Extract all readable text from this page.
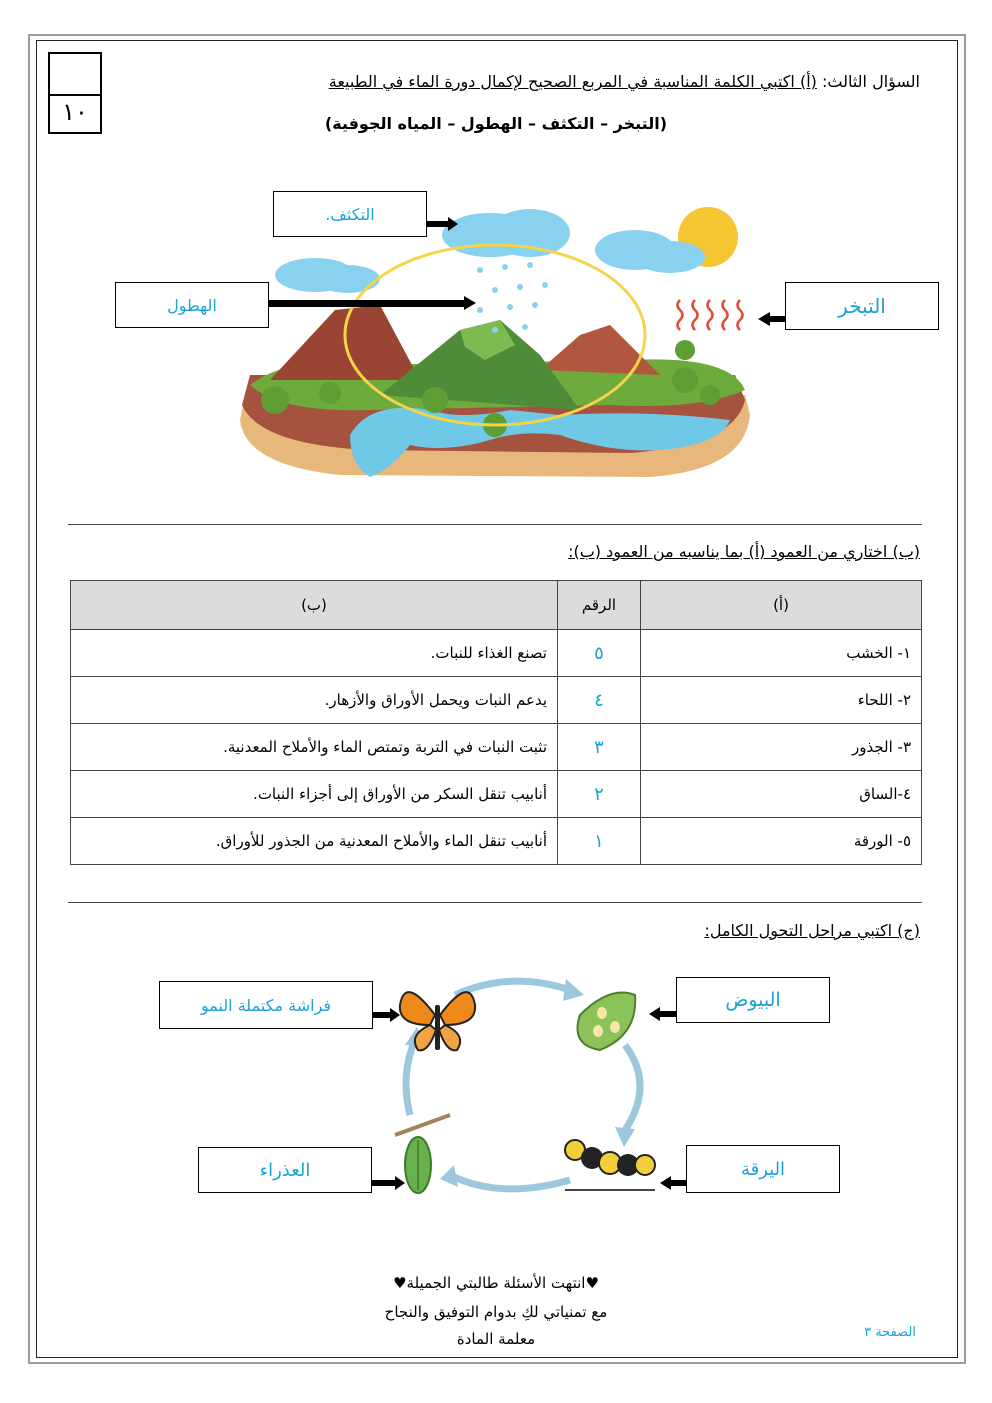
١٠
السؤال الثالث: (أ) اكتبي الكلمة المناسبة في المربع الصحيح لإكمال دورة الماء في الطبيعة
(التبخر – التكثف – الهطول – المياه الجوفية)
التكثف.
الهطول	التبخر
(ب) اختاري من العمود (أ) بما يناسبه من العمود (ب):
(أ)	الرقم	(ب)
١- الخشب	٥	تصنع الغذاء للنبات.
٢- اللحاء	٤	يدعم النبات ويحمل الأوراق والأزهار.
٣- الجذور	٣	تثبت النبات في التربة وتمتص الماء والأملاح المعدنية.
٤-الساق	٢	أنابيب تنقل السكر من الأوراق إلى أجزاء النبات.
٥- الورقة	١	أنابيب تنقل الماء والأملاح المعدنية من الجذور للأوراق.
(ج) اكتبي مراحل التحول الكامل:
فراشة مكتملة النمو	البيوض
العذراء	اليرقة
♥انتهت الأسئلة طالبتي الجميلة♥
مع تمنياتي لكِ بدوام التوفيق والنجاح
معلمة المادة	الصفحة ٣
